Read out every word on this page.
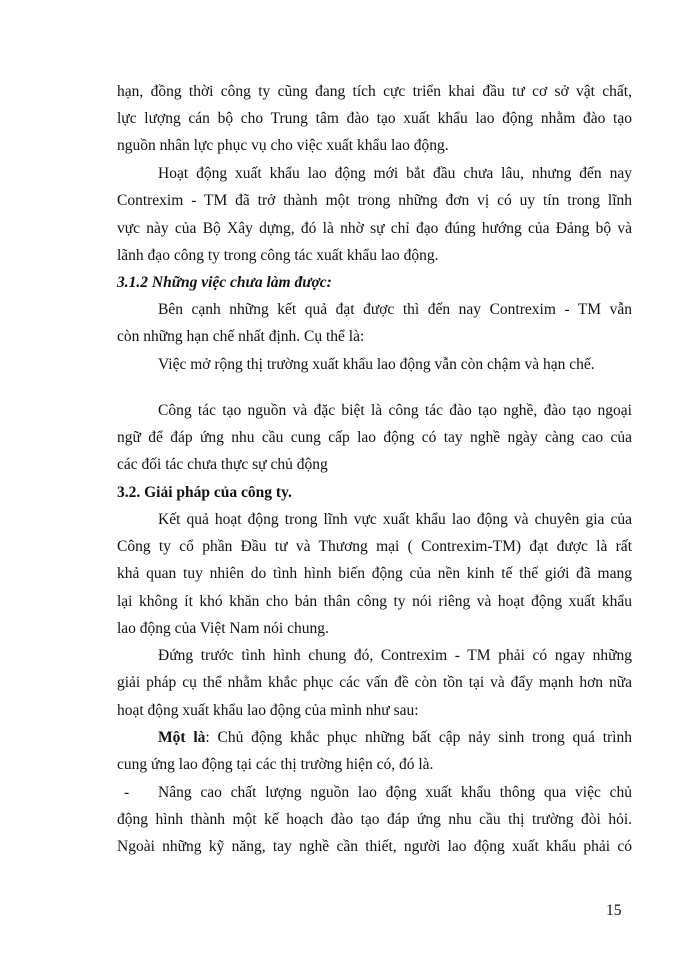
hạn, đồng thời công ty cũng đang tích cực triển khai đầu tư cơ sở vật chất,
lực lượng cán bộ cho Trung tâm đào tạo xuất khẩu lao động nhằm đào tạo
nguồn nhân lực phục vụ cho việc xuất khẩu lao động.
Hoạt động xuất khẩu lao động mới bắt đầu chưa lâu, nhưng đến nay
Contrexim - TM đã trở thành một trong những đơn vị có uy tín trong lĩnh
vực này của Bộ Xây dựng, đó là nhờ sự chỉ đạo đúng hướng của Đảng bộ và
lãnh đạo công ty trong công tác xuất khẩu lao động.
3.1.2 Những việc chưa làm được:
Bên cạnh những kết quả đạt được thì đến nay Contrexim - TM vẫn
còn những hạn chế nhất định. Cụ thể là:
Việc mở rộng thị trường xuất khẩu lao động vẫn còn chậm và hạn chế.
Công tác tạo nguồn và đặc biệt là công tác đào tạo nghề, đào tạo ngoại
ngữ để đáp ứng nhu cầu cung cấp lao động có tay nghề ngày càng cao của
các đối tác chưa thực sự chủ động
3.2. Giải pháp của công ty.
Kết quả hoạt động trong lĩnh vực xuất khẩu lao động và chuyên gia của
Công ty cổ phần Đầu tư và Thương mại ( Contrexim-TM) đạt được là rất
khả quan tuy nhiên do tình hình biến động của nền kinh tế thế giới đã mang
lại không ít khó khăn cho bản thân công ty nói riêng và hoạt động xuất khẩu
lao động của Việt Nam nói chung.
Đứng trước tình hình chung đó, Contrexim - TM phải có ngay những
giải pháp cụ thể nhằm khắc phục các vấn đề còn tồn tại và đẩy mạnh hơn nữa
hoạt động xuất khẩu lao động của mình như sau:
Một là: Chủ động khắc phục những bất cập nảy sinh trong quá trình
cung ứng lao động tại các thị trường hiện có, đó là.
-	Nâng cao chất lượng nguồn lao động xuất khẩu thông qua việc chủ
động hình thành một kế hoạch đào tạo đáp ứng nhu cầu thị trường đòi hỏi.
Ngoài những kỹ năng, tay nghề cần thiết, người lao động xuất khẩu phải có
15
